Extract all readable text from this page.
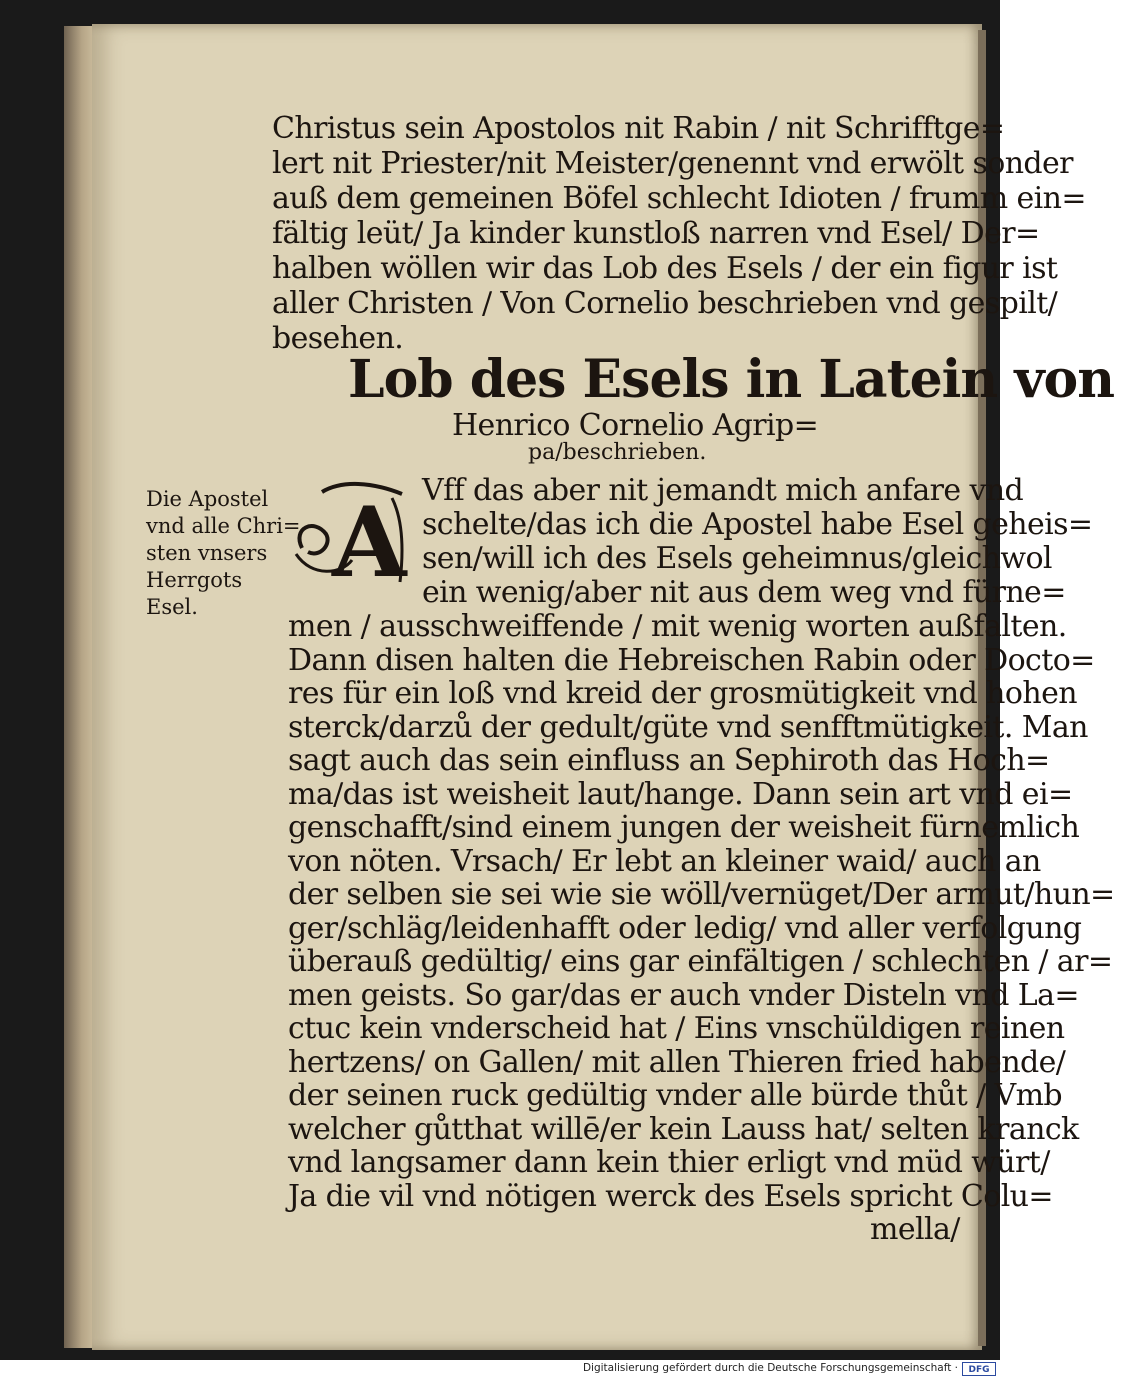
Christus sein Apostolos nit Rabin / nit Schrifftge=
lert nit Priester/nit Meister/genennt vnd erwölt sonder
auß dem gemeinen Böfel schlecht Idioten / frumm ein=
fältig leüt/ Ja kinder kunstloß narren vnd Esel/ Der=
halben wöllen wir das Lob des Esels / der ein figur ist
aller Christen / Von Cornelio beschrieben vnd gespilt/
besehen.
Lob des Esels in Latein von
Henrico Cornelio Agrip=
pa/beschrieben.
Die Apostel
vnd alle Chri=
sten vnsers
Herrgots
Esel.
A Vff das aber nit jemandt mich anfare vnd
schelte/das ich die Apostel habe Esel geheis=
sen/will ich des Esels geheimnus/gleichwol
ein wenig/aber nit aus dem weg vnd fürne=
men / ausschweiffende / mit wenig worten außfalten.
Dann disen halten die Hebreischen Rabin oder Docto=
res für ein loß vnd kreid der grosmütigkeit vnd hohen
sterck/darzů der gedult/güte vnd senfftmütigkeit. Man
sagt auch das sein einfluss an Sephiroth das Hoch=
ma/das ist weisheit laut/hange. Dann sein art vnd ei=
genschafft/sind einem jungen der weisheit fürnemlich
von nöten. Vrsach/ Er lebt an kleiner waid/ auch an
der selben sie sei wie sie wöll/vernüget/Der armut/hun=
ger/schläg/leidenhafft oder ledig/ vnd aller verfolgung
überauß gedültig/ eins gar einfältigen / schlechten / ar=
men geists. So gar/das er auch vnder Disteln vnd La=
ctuc kein vnderscheid hat / Eins vnschüldigen reinen
hertzens/ on Gallen/ mit allen Thieren fried habende/
der seinen ruck gedültig vnder alle bürde thůt / Vmb
welcher gůtthat willē/er kein Lauss hat/ selten kranck
vnd langsamer dann kein thier erligt vnd müd würt/
Ja die vil vnd nötigen werck des Esels spricht Colu=
mella/
Digitalisierung gefördert durch die Deutsche Forschungsgemeinschaft ·	DFG
